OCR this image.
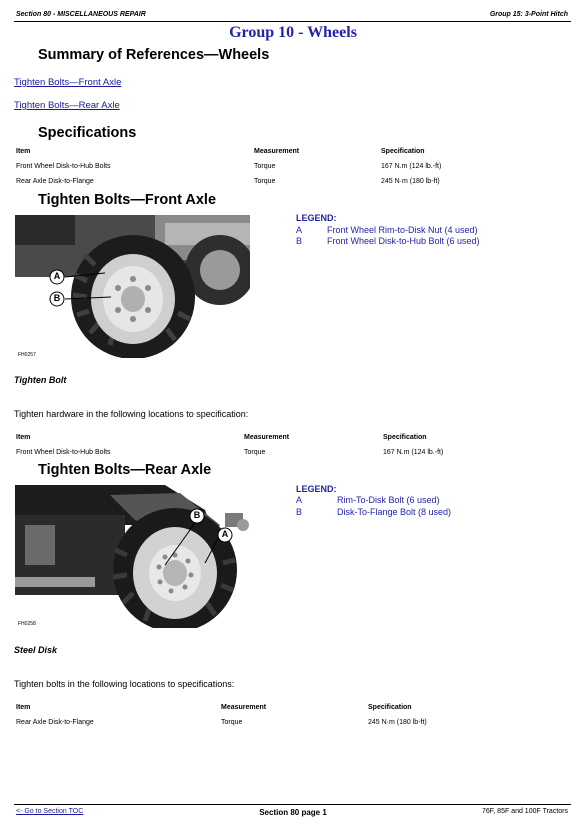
Section 80 - MISCELLANEOUS REPAIR	Group 15: 3-Point Hitch
Group 10 - Wheels
Summary of References—Wheels
Tighten Bolts—Front Axle
Tighten Bolts—Rear Axle
Specifications
Item	Measurement	Specification
Front Wheel Disk-to-Hub Bolts	Torque	167 N.m (124 lb.-ft)
Rear Axle Disk-to-Flange	Torque	245 N·m (180 lb-ft)
Tighten Bolts—Front Axle
A
B
FH0257
LEGEND:
A	Front Wheel Rim-to-Disk Nut (4 used)
B	Front Wheel Disk-to-Hub Bolt (6 used)
Tighten Bolt
Tighten hardware in the following locations to specification:
Item	Measurement	Specification
Front Wheel Disk-to-Hub Bolts	Torque	167 N.m (124 lb.-ft)
Tighten Bolts—Rear Axle
B
A
FH0258
LEGEND:
A	Rim-To-Disk Bolt (6 used)
B	Disk-To-Flange Bolt (8 used)
Steel Disk
Tighten bolts in the following locations to specifications:
Item	Measurement	Specification
Rear Axle Disk-to-Flange	Torque	245 N·m (180 lb-ft)
<- Go to Section TOC	Section 80 page 1	76F, 85F and 100F Tractors
